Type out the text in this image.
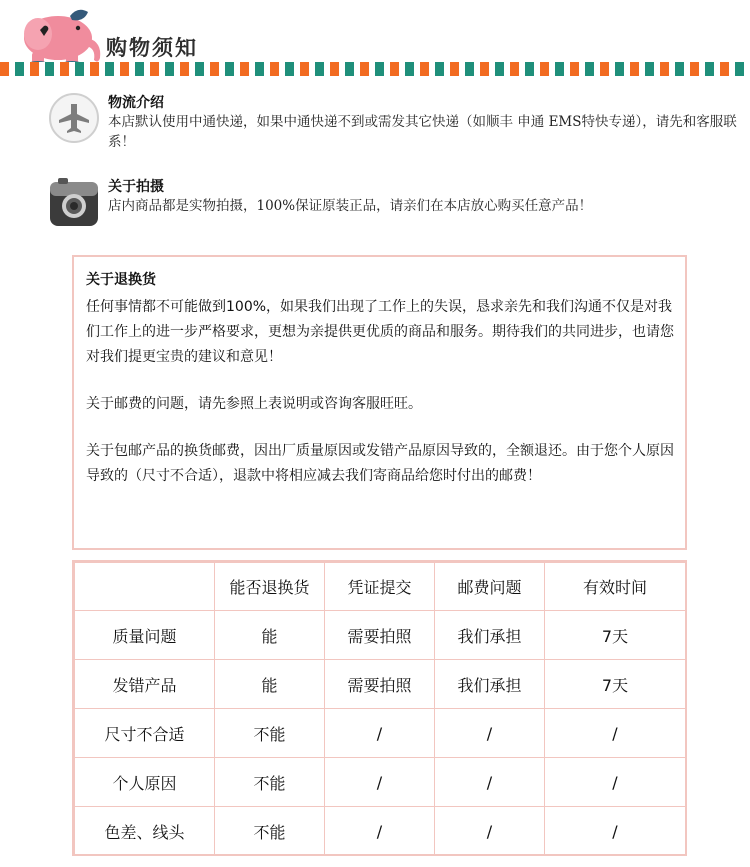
购物须知
物流介绍
本店默认使用中通快递，如果中通快递不到或需发其它快递（如顺丰 申通 EMS特快专递），请先和客服联系！
关于拍摄
店内商品都是实物拍摄，100%保证原装正品，请亲们在本店放心购买任意产品！
关于退换货

任何事情都不可能做到100%，如果我们出现了工作上的失误，恳求亲先和我们沟通不仅是对我们工作上的进一步严格要求，更想为亲提供更优质的商品和服务。期待我们的共同进步，也请您对我们提更宝贵的建议和意见！

关于邮费的问题，请先参照上表说明或咨询客服旺旺。

关于包邮产品的换货邮费，因出厂质量原因或发错产品原因导致的，全额退还。由于您个人原因导致的（尺寸不合适），退款中将相应减去我们寄商品给您时付出的邮费！

	能否退换货	凭证提交	邮费问题	有效时间
质量问题	能	需要拍照	我们承担	7天
发错产品	能	需要拍照	我们承担	7天
尺寸不合适	不能	/	/	/
个人原因	不能	/	/	/
色差、线头	不能	/	/	/
